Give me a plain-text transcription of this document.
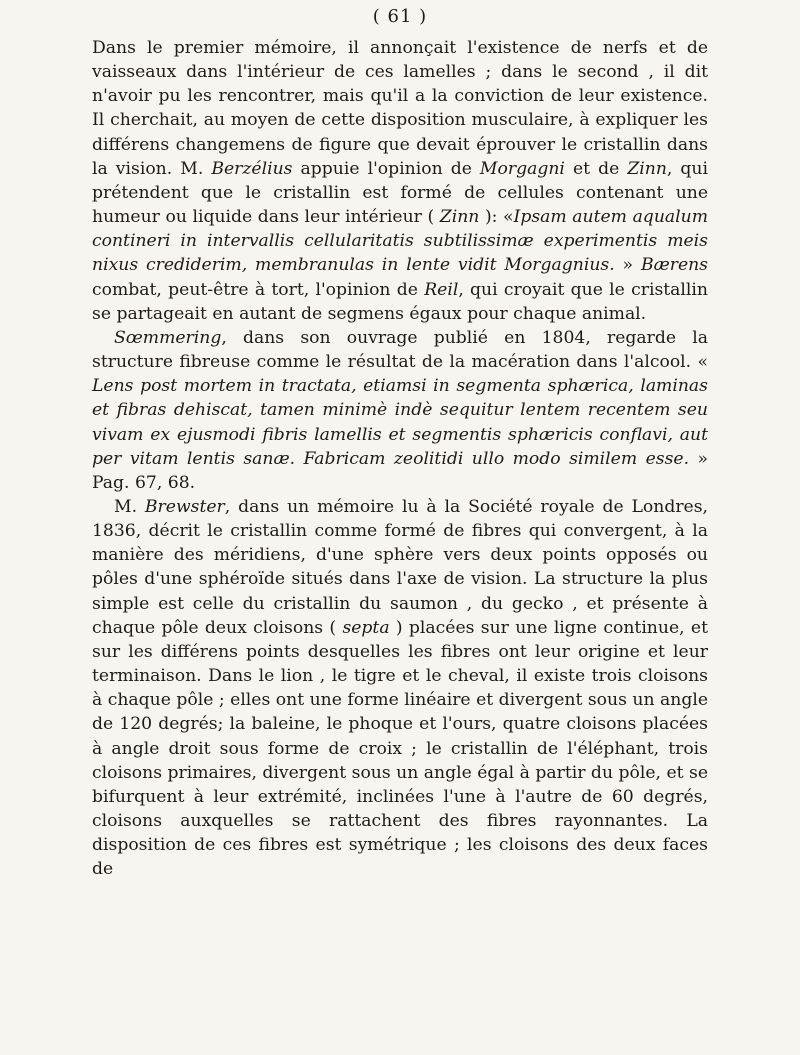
( 61 )

Dans le premier mémoire, il annonçait l'existence de nerfs et de vaisseaux dans l'intérieur de ces lamelles ; dans le second , il dit n'avoir pu les rencontrer, mais qu'il a la conviction de leur existence. Il cherchait, au moyen de cette disposition musculaire, à expliquer les différens changemens de figure que devait éprouver le cristallin dans la vision. M. Berzélius appuie l'opinion de Morgagni et de Zinn, qui prétendent que le cristallin est formé de cellules contenant une humeur ou liquide dans leur intérieur ( Zinn ): «Ipsam autem aqualum contineri in intervallis cellularitatis subtilissimæ experimentis meis nixus crediderim, membranulas in lente vidit Morgagnius. » Bærens combat, peut-être à tort, l'opinion de Reil, qui croyait que le cristallin se partageait en autant de segmens égaux pour chaque animal.

Sœmmering, dans son ouvrage publié en 1804, regarde la structure fibreuse comme le résultat de la macération dans l'alcool. « Lens post mortem in tractata, etiamsi in segmenta sphærica, laminas et fibras dehiscat, tamen minimè indè sequitur lentem recentem seu vivam ex ejusmodi fibris lamellis et segmentis sphæricis conflavi, aut per vitam lentis sanæ. Fabricam zeolitidi ullo modo similem esse. » Pag. 67, 68.

M. Brewster, dans un mémoire lu à la Société royale de Londres, 1836, décrit le cristallin comme formé de fibres qui convergent, à la manière des méridiens, d'une sphère vers deux points opposés ou pôles d'une sphéroïde situés dans l'axe de vision. La structure la plus simple est celle du cristallin du saumon , du gecko , et présente à chaque pôle deux cloisons ( septa ) placées sur une ligne continue, et sur les différens points desquelles les fibres ont leur origine et leur terminaison. Dans le lion , le tigre et le cheval, il existe trois cloisons à chaque pôle ; elles ont une forme linéaire et divergent sous un angle de 120 degrés; la baleine, le phoque et l'ours, quatre cloisons placées à angle droit sous forme de croix ; le cristallin de l'éléphant, trois cloisons primaires, divergent sous un angle égal à partir du pôle, et se bifurquent à leur extrémité, inclinées l'une à l'autre de 60 degrés, cloisons auxquelles se rattachent des fibres rayonnantes. La disposition de ces fibres est symétrique ; les cloisons des deux faces de
